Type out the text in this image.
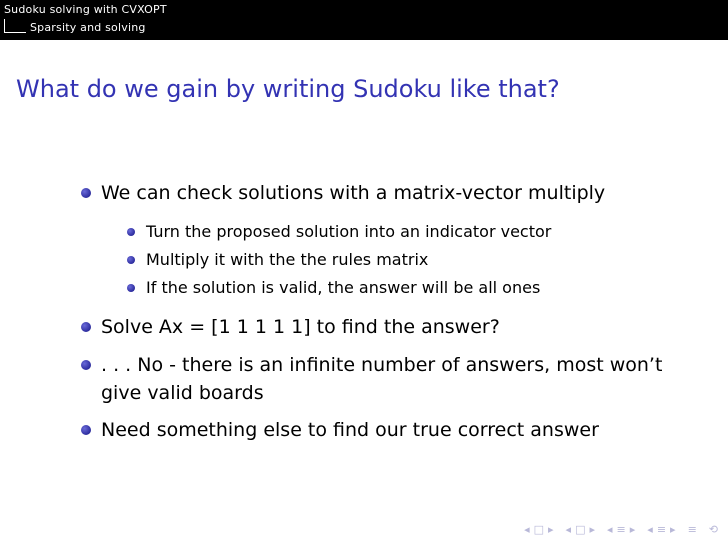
Sudoku solving with CVXOPT
Sparsity and solving
What do we gain by writing Sudoku like that?
We can check solutions with a matrix-vector multiply
Turn the proposed solution into an indicator vector
Multiply it with the the rules matrix
If the solution is valid, the answer will be all ones
Solve Ax = [1 1 1 1 1] to find the answer?
. . . No - there is an infinite number of answers, most won’t
give valid boards
Need something else to find our true correct answer
◂ □ ▸ ◂ □ ▸ ◂ ≡ ▸ ◂ ≡ ▸ ≡ ⟲
